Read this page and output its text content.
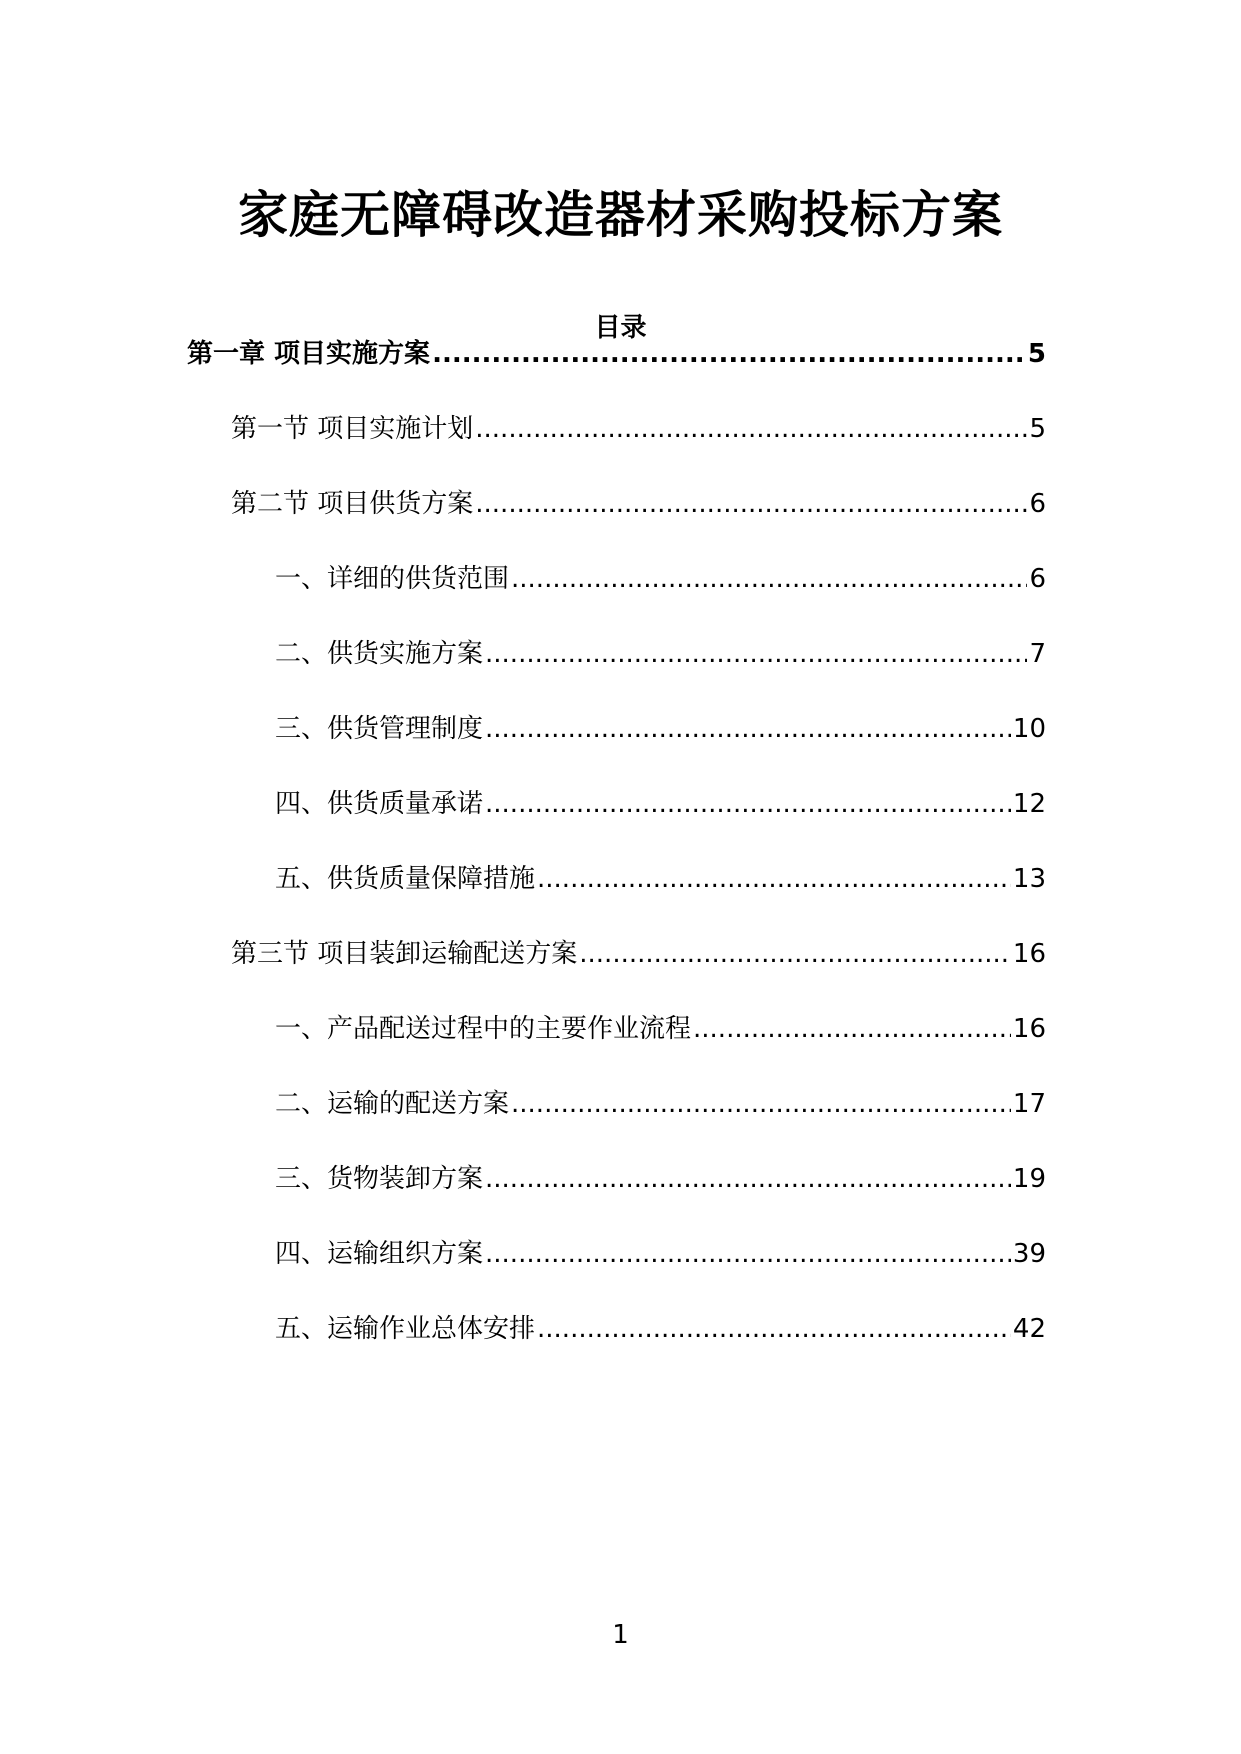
家庭无障碍改造器材采购投标方案
目录
第一章 项目实施方案 .....	5
第一节 项目实施计划 .....	5
第二节 项目供货方案 .....	6
一、详细的供货范围 .....	6
二、供货实施方案 .....	7
三、供货管理制度 .....	10
四、供货质量承诺 .....	12
五、供货质量保障措施 .....	13
第三节 项目装卸运输配送方案 .....	16
一、产品配送过程中的主要作业流程 .....	16
二、运输的配送方案 .....	17
三、货物装卸方案 .....	19
四、运输组织方案 .....	39
五、运输作业总体安排 .....	42
1
